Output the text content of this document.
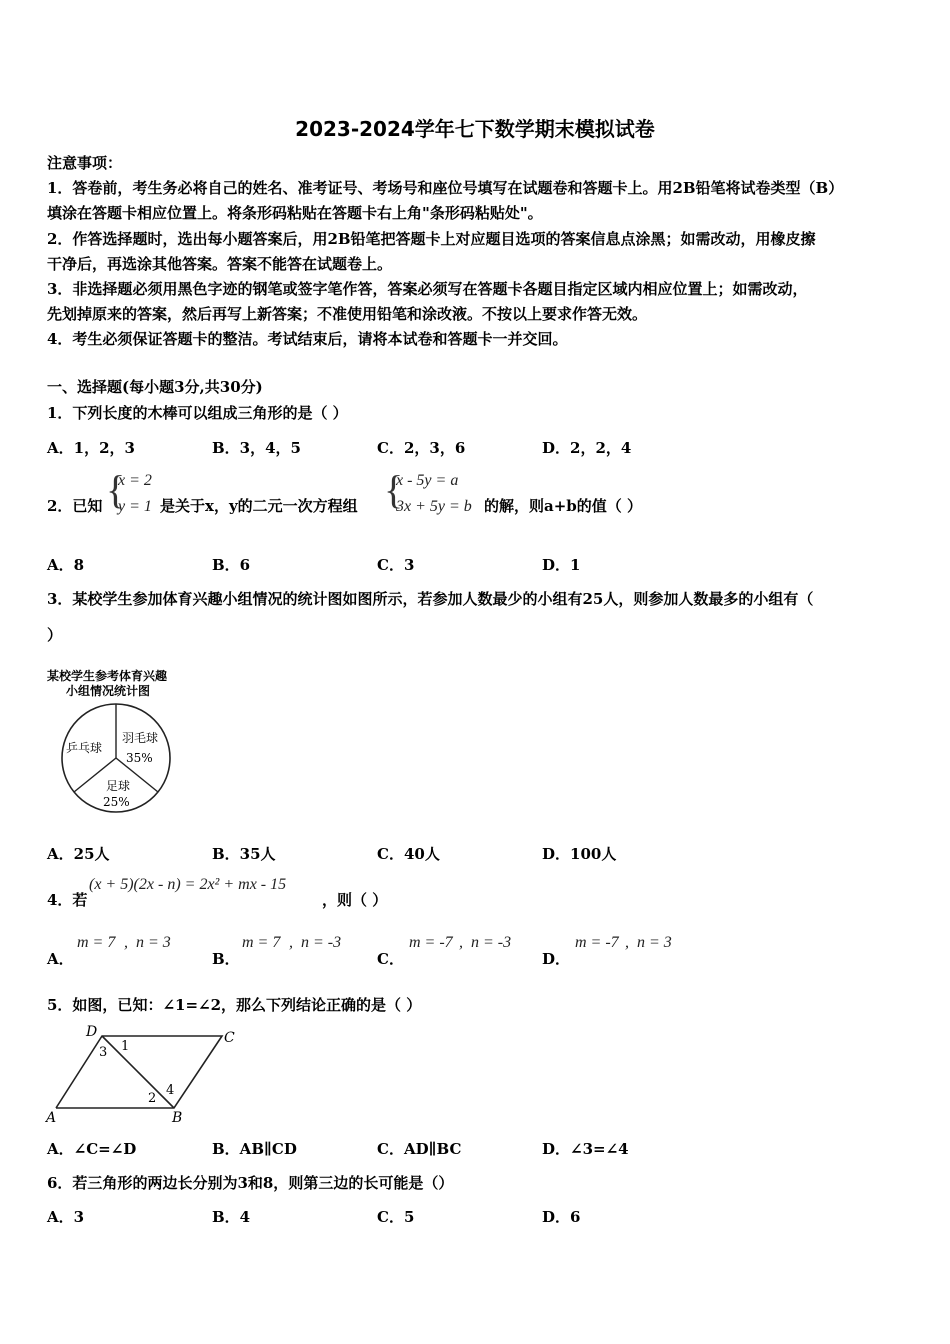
2023-2024学年七下数学期末模拟试卷
注意事项：
1．答卷前，考生务必将自己的姓名、准考证号、考场号和座位号填写在试题卷和答题卡上。用2B铅笔将试卷类型（B）
填涂在答题卡相应位置上。将条形码粘贴在答题卡右上角"条形码粘贴处"。
2．作答选择题时，选出每小题答案后，用2B铅笔把答题卡上对应题目选项的答案信息点涂黑；如需改动，用橡皮擦
干净后，再选涂其他答案。答案不能答在试题卷上。
3．非选择题必须用黑色字迹的钢笔或签字笔作答，答案必须写在答题卡各题目指定区域内相应位置上；如需改动，
先划掉原来的答案，然后再写上新答案；不准使用铅笔和涂改液。不按以上要求作答无效。
4．考生必须保证答题卡的整洁。考试结束后，请将本试卷和答题卡一并交回。
一、选择题(每小题3分,共30分)
1．下列长度的木棒可以组成三角形的是（ ）
A．1，2，3	B．3，4，5	C．2，3，6	D．2，2，4
2．已知 {
x = 2
y = 1 是关于x，y的二元一次方程组 {
x - 5y = a
3x + 5y = b 的解，则a+b的值（ ）
A．8	B．6	C．3	D．1
3．某校学生参加体育兴趣小组情况的统计图如图所示，若参加人数最少的小组有25人，则参加人数最多的小组有（
）
某校学生参考体育兴趣
小组情况统计图
乒乓球
羽毛球
35%
足球
25%
A．25人	B．35人	C．40人	D．100人
4．若
(x + 5)(2x - n) = 2x² + mx - 15
，则（ ）
A．
m = 7 ,  n = 3
B．
m = 7 ,  n = -3
C．
m = -7 ,  n = -3
D．
m = -7 ,  n = 3
5．如图，已知：∠1=∠2，那么下列结论正确的是（ ）
D	C
A	B
3 1
2
4
A．∠C=∠D	B．AB∥CD	C．AD∥BC	D．∠3=∠4
6．若三角形的两边长分别为3和8，则第三边的长可能是（）
A．3	B．4	C．5	D．6
